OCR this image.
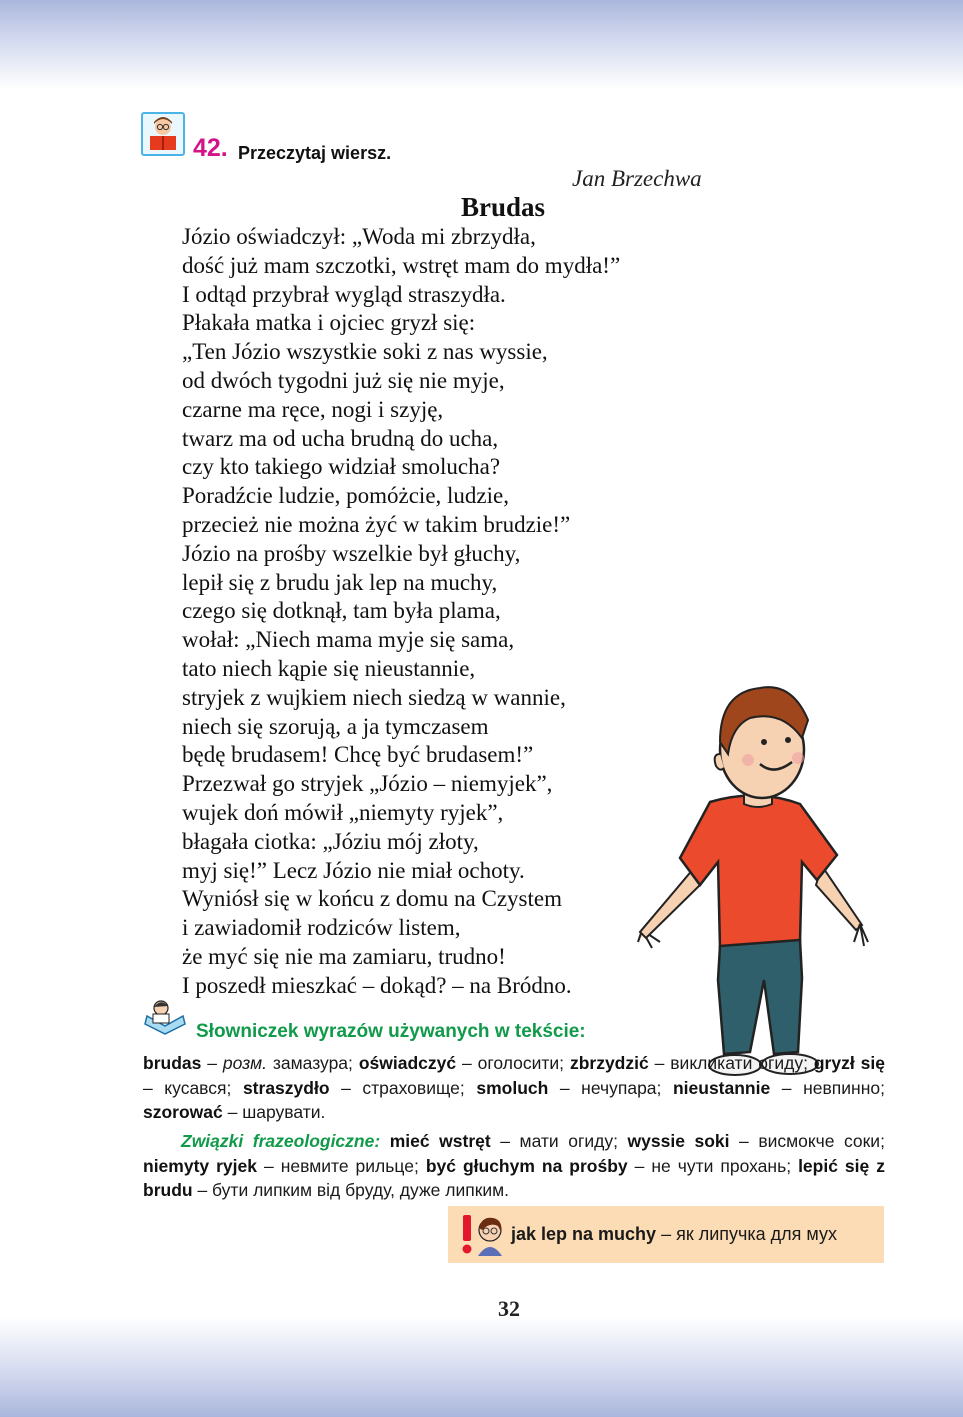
42. Przeczytaj wiersz.
Jan Brzechwa
Brudas
Józio oświadczył: „Woda mi zbrzydła,
dość już mam szczotki, wstręt mam do mydła!”
I odtąd przybrał wygląd straszydła.
Płakała matka i ojciec gryzł się:
„Ten Józio wszystkie soki z nas wyssie,
od dwóch tygodni już się nie myje,
czarne ma ręce, nogi i szyję,
twarz ma od ucha brudną do ucha,
czy kto takiego widział smolucha?
Poradźcie ludzie, pomóżcie, ludzie,
przecież nie można żyć w takim brudzie!”
Józio na prośby wszelkie był głuchy,
lepił się z brudu jak lep na muchy,
czego się dotknął, tam była plama,
wołał: „Niech mama myje się sama,
tato niech kąpie się nieustannie,
stryjek z wujkiem niech siedzą w wannie,
niech się szorują, a ja tymczasem
będę brudasem! Chcę być brudasem!”
Przezwał go stryjek „Józio – niemyjek”,
wujek doń mówił „niemyty ryjek”,
błagała ciotka: „Józiu mój złoty,
myj się!” Lecz Józio nie miał ochoty.
Wyniósł się w końcu z domu na Czystem
i zawiadomił rodziców listem,
że myć się nie ma zamiaru, trudno!
I poszedł mieszkać – dokąd? – na Bródno.
Słowniczek wyrazów używanych w tekście:
brudas – розм. замазура; oświadczyć – оголосити; zbrzydzić – викликати огиду; gryzł się – кусався; straszydło – страховище; smoluch – нечупара; nieustannie – невпинно; szorować – шарувати.
Związki frazeologiczne: mieć wstręt – мати огиду; wyssie soki – висмокче соки; niemyty ryjek – невмите рильце; być głuchym na prośby – не чути прохань; lepić się z brudu – бути липким від бруду, дуже липким.
jak lep na muchy – як липучка для мух
32
